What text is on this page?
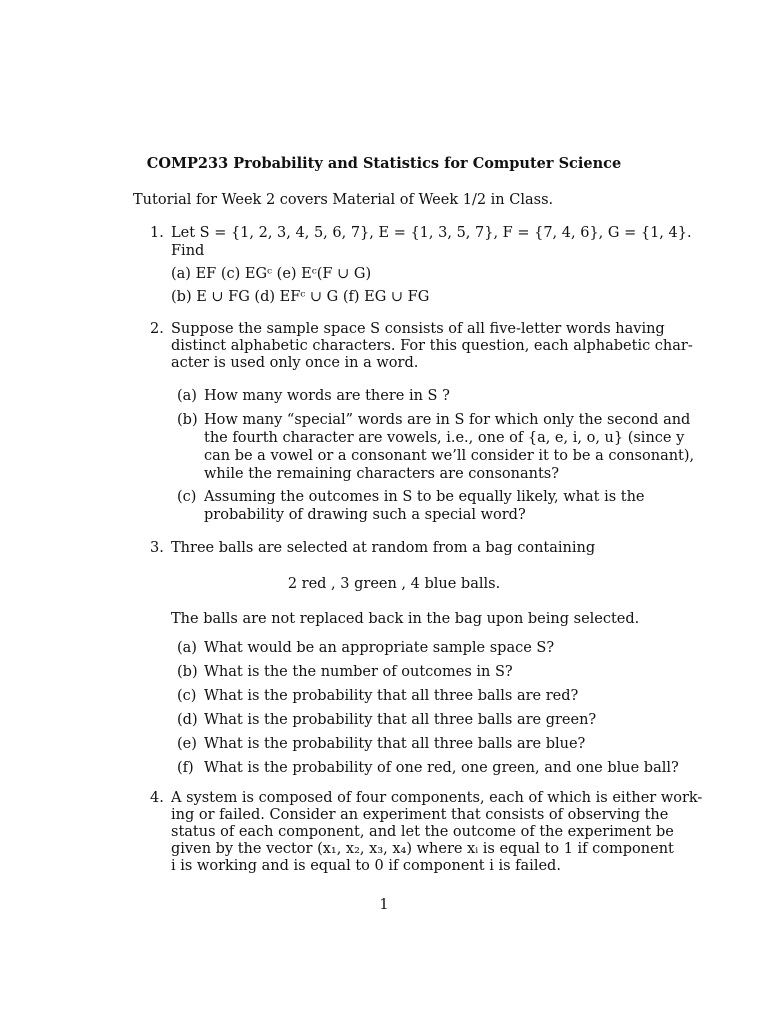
COMP233 Probability and Statistics for Computer Science
Tutorial for Week 2 covers Material of Week 1/2 in Class.
1. Let S = {1, 2, 3, 4, 5, 6, 7}, E = {1, 3, 5, 7}, F = {7, 4, 6}, G = {1, 4}.
Find
(a) EF (c) EGᶜ (e) Eᶜ(F ∪ G)
(b) E ∪ FG (d) EFᶜ ∪ G (f) EG ∪ FG
2. Suppose the sample space S consists of all five-letter words having
distinct alphabetic characters. For this question, each alphabetic char-
acter is used only once in a word.
(a) How many words are there in S ?
(b) How many “special” words are in S for which only the second and
the fourth character are vowels, i.e., one of {a, e, i, o, u} (since y
can be a vowel or a consonant we’ll consider it to be a consonant),
while the remaining characters are consonants?
(c) Assuming the outcomes in S to be equally likely, what is the
probability of drawing such a special word?
3. Three balls are selected at random from a bag containing
2 red , 3 green , 4 blue balls.
The balls are not replaced back in the bag upon being selected.
(a) What would be an appropriate sample space S?
(b) What is the the number of outcomes in S?
(c) What is the probability that all three balls are red?
(d) What is the probability that all three balls are green?
(e) What is the probability that all three balls are blue?
(f) What is the probability of one red, one green, and one blue ball?
4. A system is composed of four components, each of which is either work-
ing or failed. Consider an experiment that consists of observing the
status of each component, and let the outcome of the experiment be
given by the vector (x₁, x₂, x₃, x₄) where xᵢ is equal to 1 if component
i is working and is equal to 0 if component i is failed.
1
